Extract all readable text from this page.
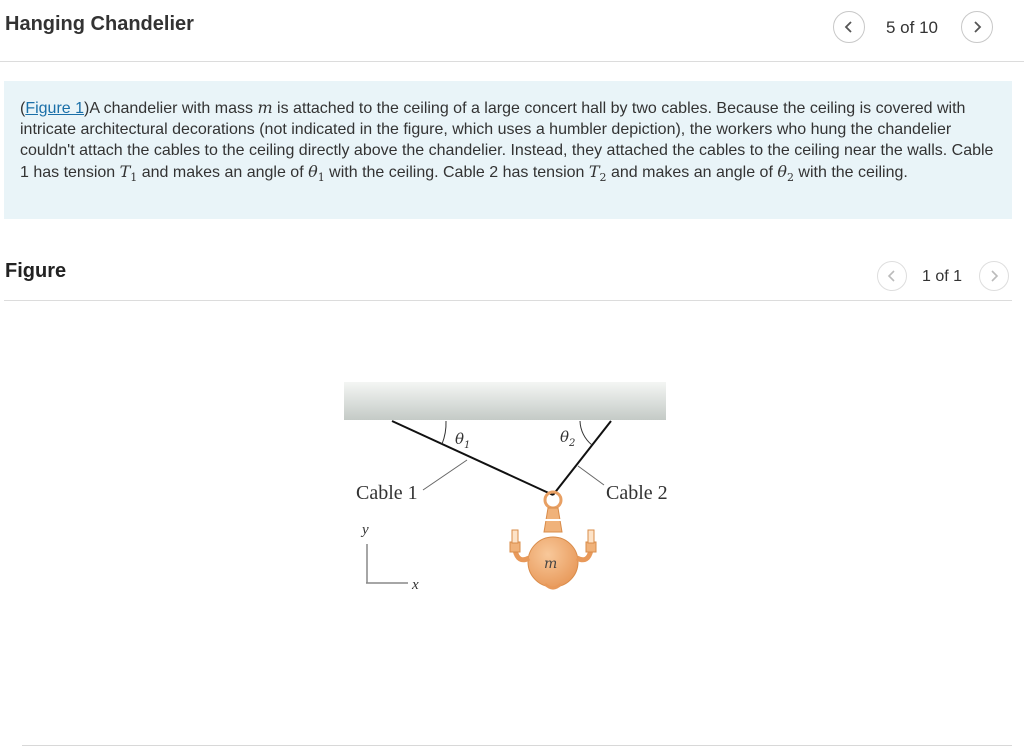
Hanging Chandelier	5 of 10
(Figure 1)A chandelier with mass m is attached to the ceiling of a large concert hall by two cables. Because the ceiling is covered with intricate architectural decorations (not indicated in the figure, which uses a humbler depiction), the workers who hung the chandelier couldn't attach the cables to the ceiling directly above the chandelier. Instead, they attached the cables to the ceiling near the walls. Cable 1 has tension $T_1$ and makes an angle of $\theta_1$ with the ceiling. Cable 2 has tension $T_2$ and makes an angle of $\theta_2$ with the ceiling.
Figure	1 of 1
$\theta_1$	$\theta_2$
Cable 1	Cable 2
m
y
x
